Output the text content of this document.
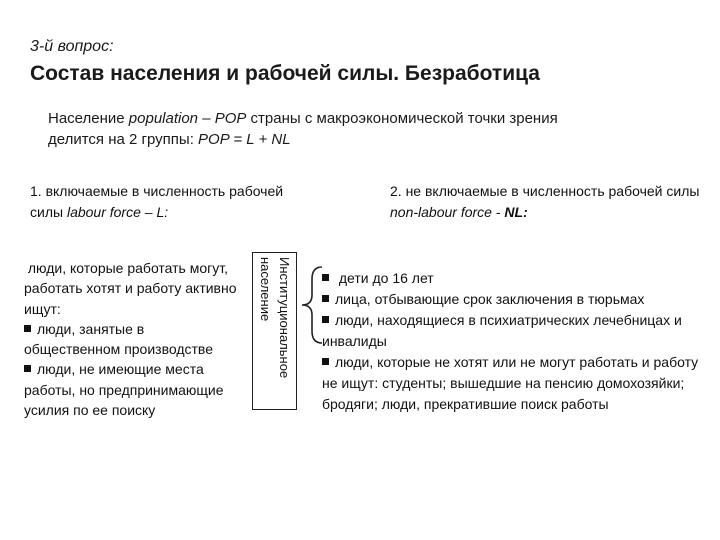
3-й вопрос:
Состав населения и рабочей силы. Безработица
Население population – POP страны с макроэкономической точки зрения делится на 2 группы: POP = L + NL
1. включаемые в численность рабочей силы labour force – L:
2. не включаемые в численность рабочей силы non-labour force - NL:
люди, которые работать могут, работать хотят и работу активно ищут:
люди, занятые в общественном производстве
люди, не имеющие места работы, но предпринимающие усилия по ее поиску
Институциональное
население	дети до 16 лет
лица, отбывающие срок заключения в тюрьмах
люди, находящиеся в психиатрических лечебницах и инвалиды
люди, которые не хотят или не могут работать и работу не ищут: студенты; вышедшие на пенсию домохозяйки; бродяги; люди, прекратившие поиск работы
